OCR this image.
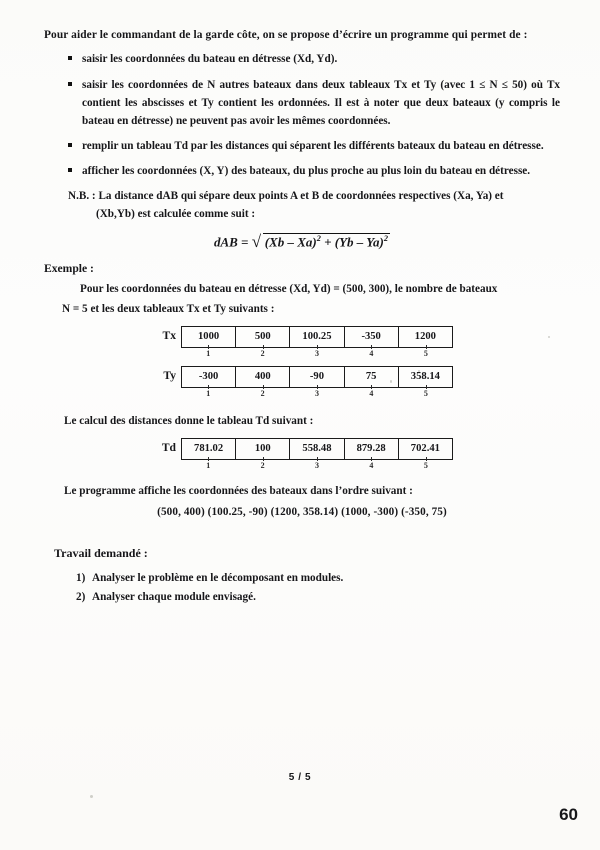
Pour aider le commandant de la garde côte, on se propose d’écrire un programme qui permet de :

saisir les coordonnées du bateau en détresse (Xd, Yd).
saisir les coordonnées de N autres bateaux dans deux tableaux Tx et Ty (avec 1 ≤ N ≤ 50) où Tx contient les abscisses et Ty contient les ordonnées. Il est à noter que deux bateaux (y compris le bateau en détresse) ne peuvent pas avoir les mêmes coordonnées.
remplir un tableau Td par les distances qui séparent les différents bateaux du bateau en détresse.
afficher les coordonnées (X, Y) des bateaux, du plus proche au plus loin du bateau en détresse.

N.B. : La distance dAB qui sépare deux points A et B de coordonnées respectives (Xa, Ya) et
(Xb,Yb) est calculée comme suit :

dAB = √ (Xb – Xa)$^2$ + (Yb – Ya)$^2$

Exemple :

Pour les coordonnées du bateau en détresse (Xd, Yd) = (500, 300), le nombre de bateaux

N = 5 et les deux tableaux Tx et Ty suivants :

Tx	1000	500	100.25	-350	1200
1	2	3	4	5
Ty	-300	400	-90	75	358.14
1	2	3	4	5

Le calcul des distances donne le tableau Td suivant :

Td	781.02	100	558.48	879.28	702.41
1	2	3	4	5

Le programme affiche les coordonnées des bateaux dans l’ordre suivant :

(500, 400) (100.25, -90) (1200, 358.14) (1000, -300) (-350, 75)

Travail demandé :

1) Analyser le problème en le décomposant en modules.
2) Analyser chaque module envisagé.
5 / 5
60
